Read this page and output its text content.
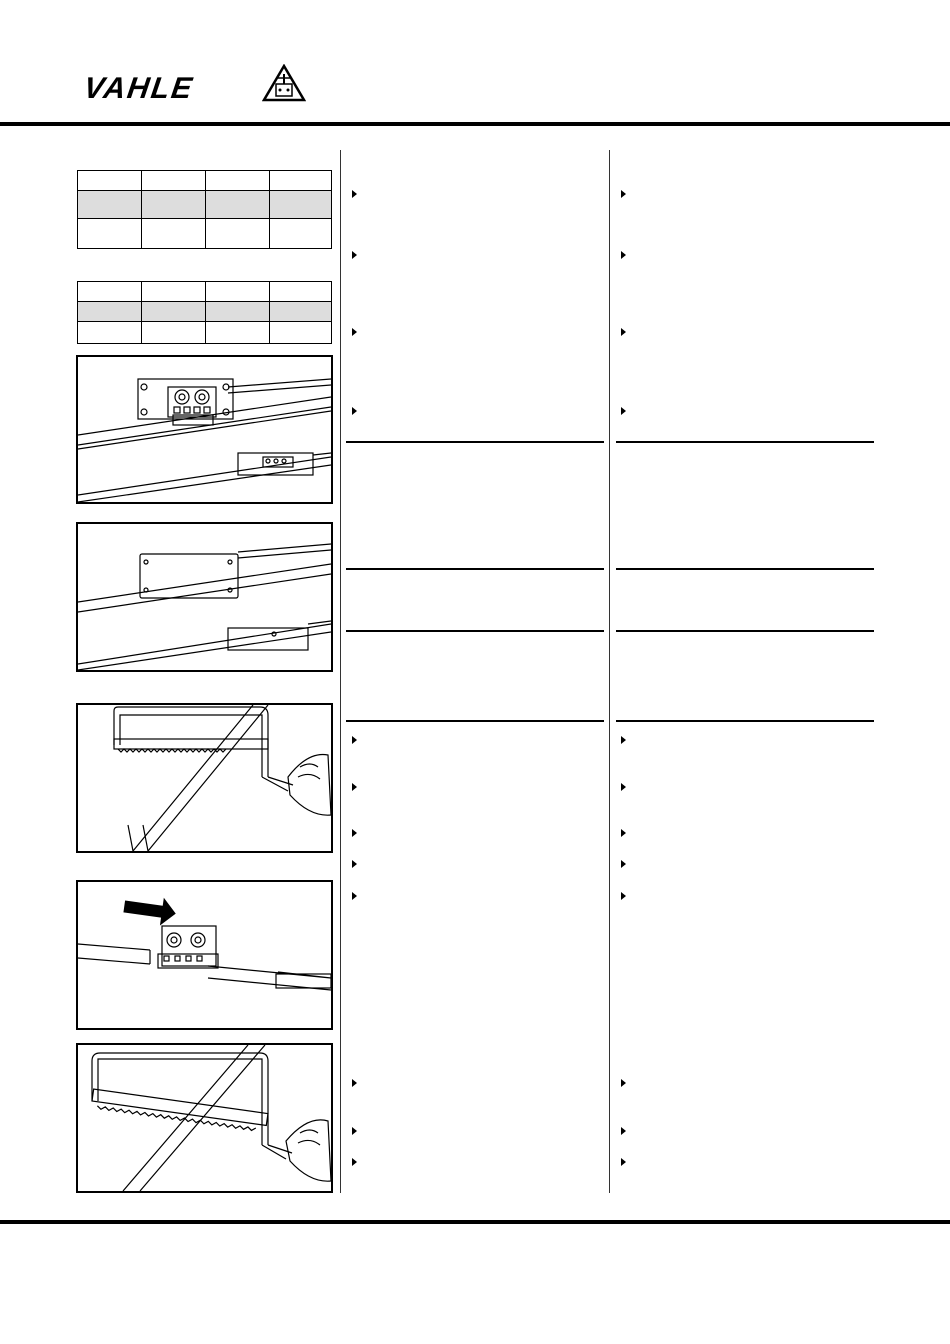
VAHLE
